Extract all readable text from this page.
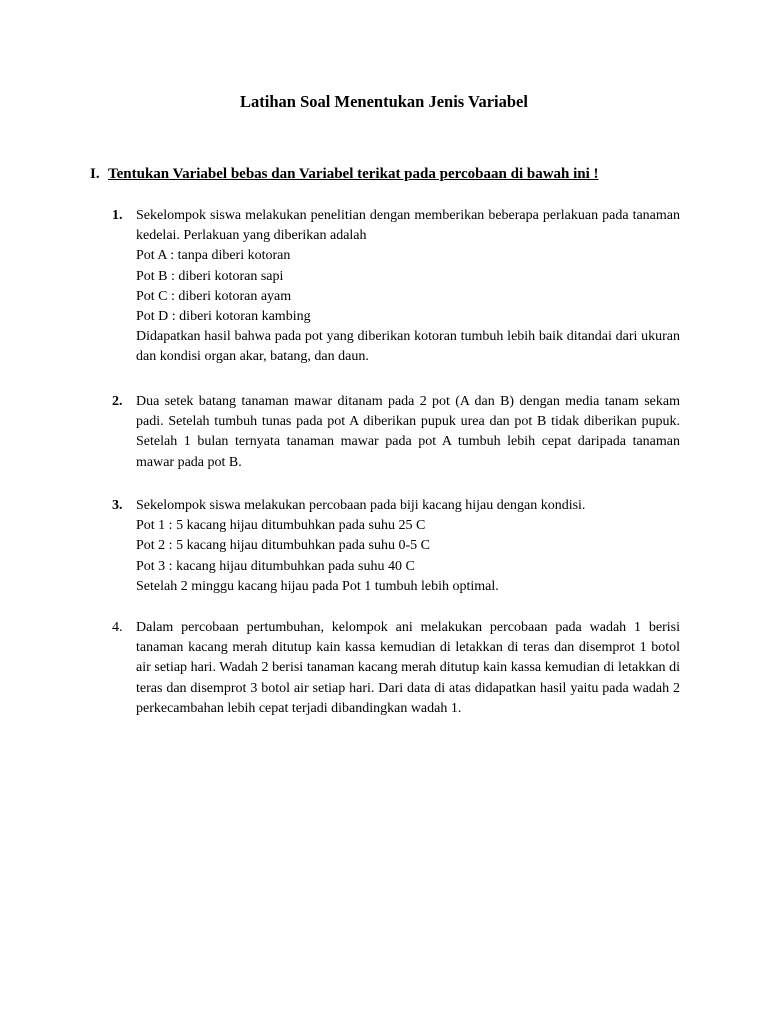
Latihan Soal Menentukan Jenis Variabel
I. Tentukan Variabel bebas dan Variabel terikat pada percobaan di bawah ini !
1. Sekelompok siswa melakukan penelitian dengan memberikan beberapa perlakuan pada tanaman kedelai. Perlakuan yang diberikan adalah

Pot A : tanpa diberi kotoran

Pot B : diberi kotoran sapi

Pot C : diberi kotoran ayam

Pot D : diberi kotoran kambing

Didapatkan hasil bahwa pada pot yang diberikan kotoran tumbuh lebih baik ditandai dari ukuran dan kondisi organ akar, batang, dan daun.

2. Dua setek batang tanaman mawar ditanam pada 2 pot (A dan B) dengan media tanam sekam padi. Setelah tumbuh tunas pada pot A diberikan pupuk urea dan pot B tidak diberikan pupuk. Setelah 1 bulan ternyata tanaman mawar pada pot A tumbuh lebih cepat daripada tanaman mawar pada pot B.

3. Sekelompok siswa melakukan percobaan pada biji kacang hijau dengan kondisi.

Pot 1 : 5 kacang hijau ditumbuhkan pada suhu 25 C

Pot 2 : 5 kacang hijau ditumbuhkan pada suhu 0-5 C

Pot 3 : kacang hijau ditumbuhkan pada suhu 40 C

Setelah 2 minggu kacang hijau pada Pot 1 tumbuh lebih optimal.

4. Dalam percobaan pertumbuhan, kelompok ani melakukan percobaan pada wadah 1 berisi tanaman kacang merah ditutup kain kassa kemudian di letakkan di teras dan disemprot 1 botol air setiap hari. Wadah 2 berisi tanaman kacang merah ditutup kain kassa kemudian di letakkan di teras dan disemprot 3 botol air setiap hari. Dari data di atas didapatkan hasil yaitu pada wadah 2 perkecambahan lebih cepat terjadi dibandingkan wadah 1.
